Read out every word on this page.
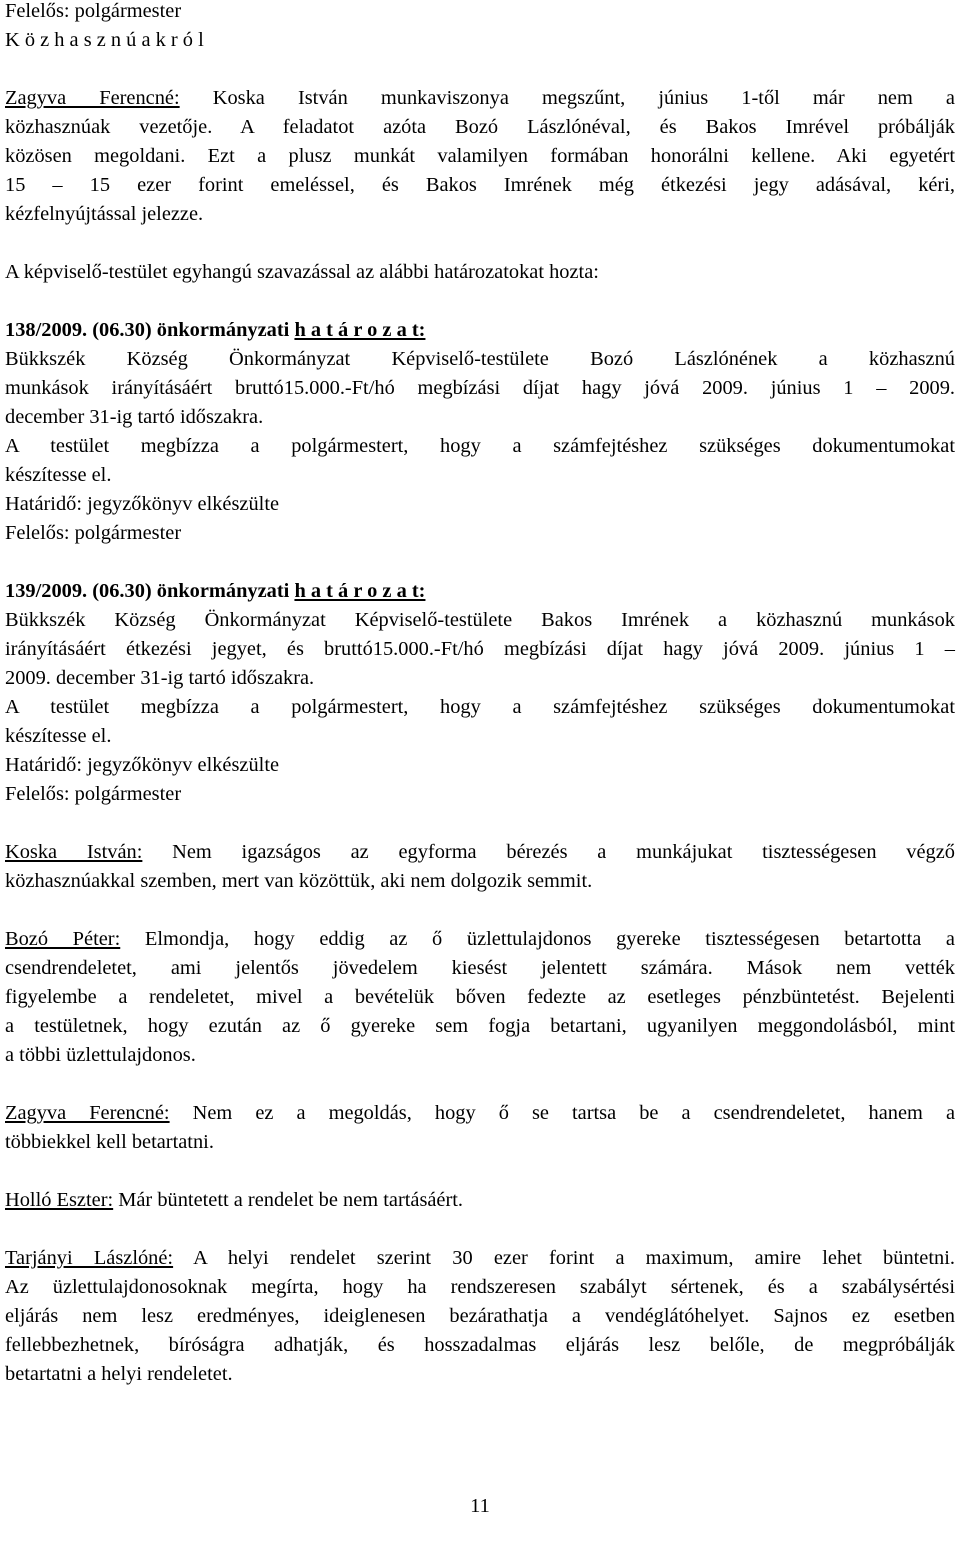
Felelős: polgármester
K ö z h a s z n ú a k r ó l
Zagyva Ferencné: Koska István munkaviszonya megszűnt, június 1-től már nem a
közhasznúak vezetője. A feladatot azóta Bozó Lászlónéval, és Bakos Imrével próbálják
közösen megoldani. Ezt a plusz munkát valamilyen formában honorálni kellene. Aki egyetért
15 – 15 ezer forint emeléssel, és Bakos Imrének még étkezési jegy adásával, kéri,
kézfelnyújtással jelezze.
A képviselő-testület egyhangú szavazással az alábbi határozatokat hozta:
138/2009. (06.30) önkormányzati h a t á r o z a t:
Bükkszék Község Önkormányzat Képviselő-testülete Bozó Lászlónének a közhasznú
munkások irányításáért bruttó15.000.-Ft/hó megbízási díjat hagy jóvá 2009. június 1 – 2009.
december 31-ig tartó időszakra.
A testület megbízza a polgármestert, hogy a számfejtéshez szükséges dokumentumokat
készítesse el.
Határidő: jegyzőkönyv elkészülte
Felelős: polgármester
139/2009. (06.30) önkormányzati h a t á r o z a t:
Bükkszék Község Önkormányzat Képviselő-testülete Bakos Imrének a közhasznú munkások
irányításáért étkezési jegyet, és bruttó15.000.-Ft/hó megbízási díjat hagy jóvá 2009. június 1 –
2009. december 31-ig tartó időszakra.
A testület megbízza a polgármestert, hogy a számfejtéshez szükséges dokumentumokat
készítesse el.
Határidő: jegyzőkönyv elkészülte
Felelős: polgármester
Koska István: Nem igazságos az egyforma bérezés a munkájukat tisztességesen végző
közhasznúakkal szemben, mert van közöttük, aki nem dolgozik semmit.
Bozó Péter: Elmondja, hogy eddig az ő üzlettulajdonos gyereke tisztességesen betartotta a
csendrendeletet, ami jelentős jövedelem kiesést jelentett számára. Mások nem vették
figyelembe a rendeletet, mivel a bevételük bőven fedezte az esetleges pénzbüntetést. Bejelenti
a testületnek, hogy ezután az ő gyereke sem fogja betartani, ugyanilyen meggondolásból, mint
a többi üzlettulajdonos.
Zagyva Ferencné: Nem ez a megoldás, hogy ő se tartsa be a csendrendeletet, hanem a
többiekkel kell betartatni.
Holló Eszter: Már büntetett a rendelet be nem tartásáért.
Tarjányi Lászlóné: A helyi rendelet szerint 30 ezer forint a maximum, amire lehet büntetni.
Az üzlettulajdonosoknak megírta, hogy ha rendszeresen szabályt sértenek, és a szabálysértési
eljárás nem lesz eredményes, ideiglenesen bezárathatja a vendéglátóhelyet. Sajnos ez esetben
fellebbezhetnek, bíróságra adhatják, és hosszadalmas eljárás lesz belőle, de megpróbálják
betartatni a helyi rendeletet.
11
